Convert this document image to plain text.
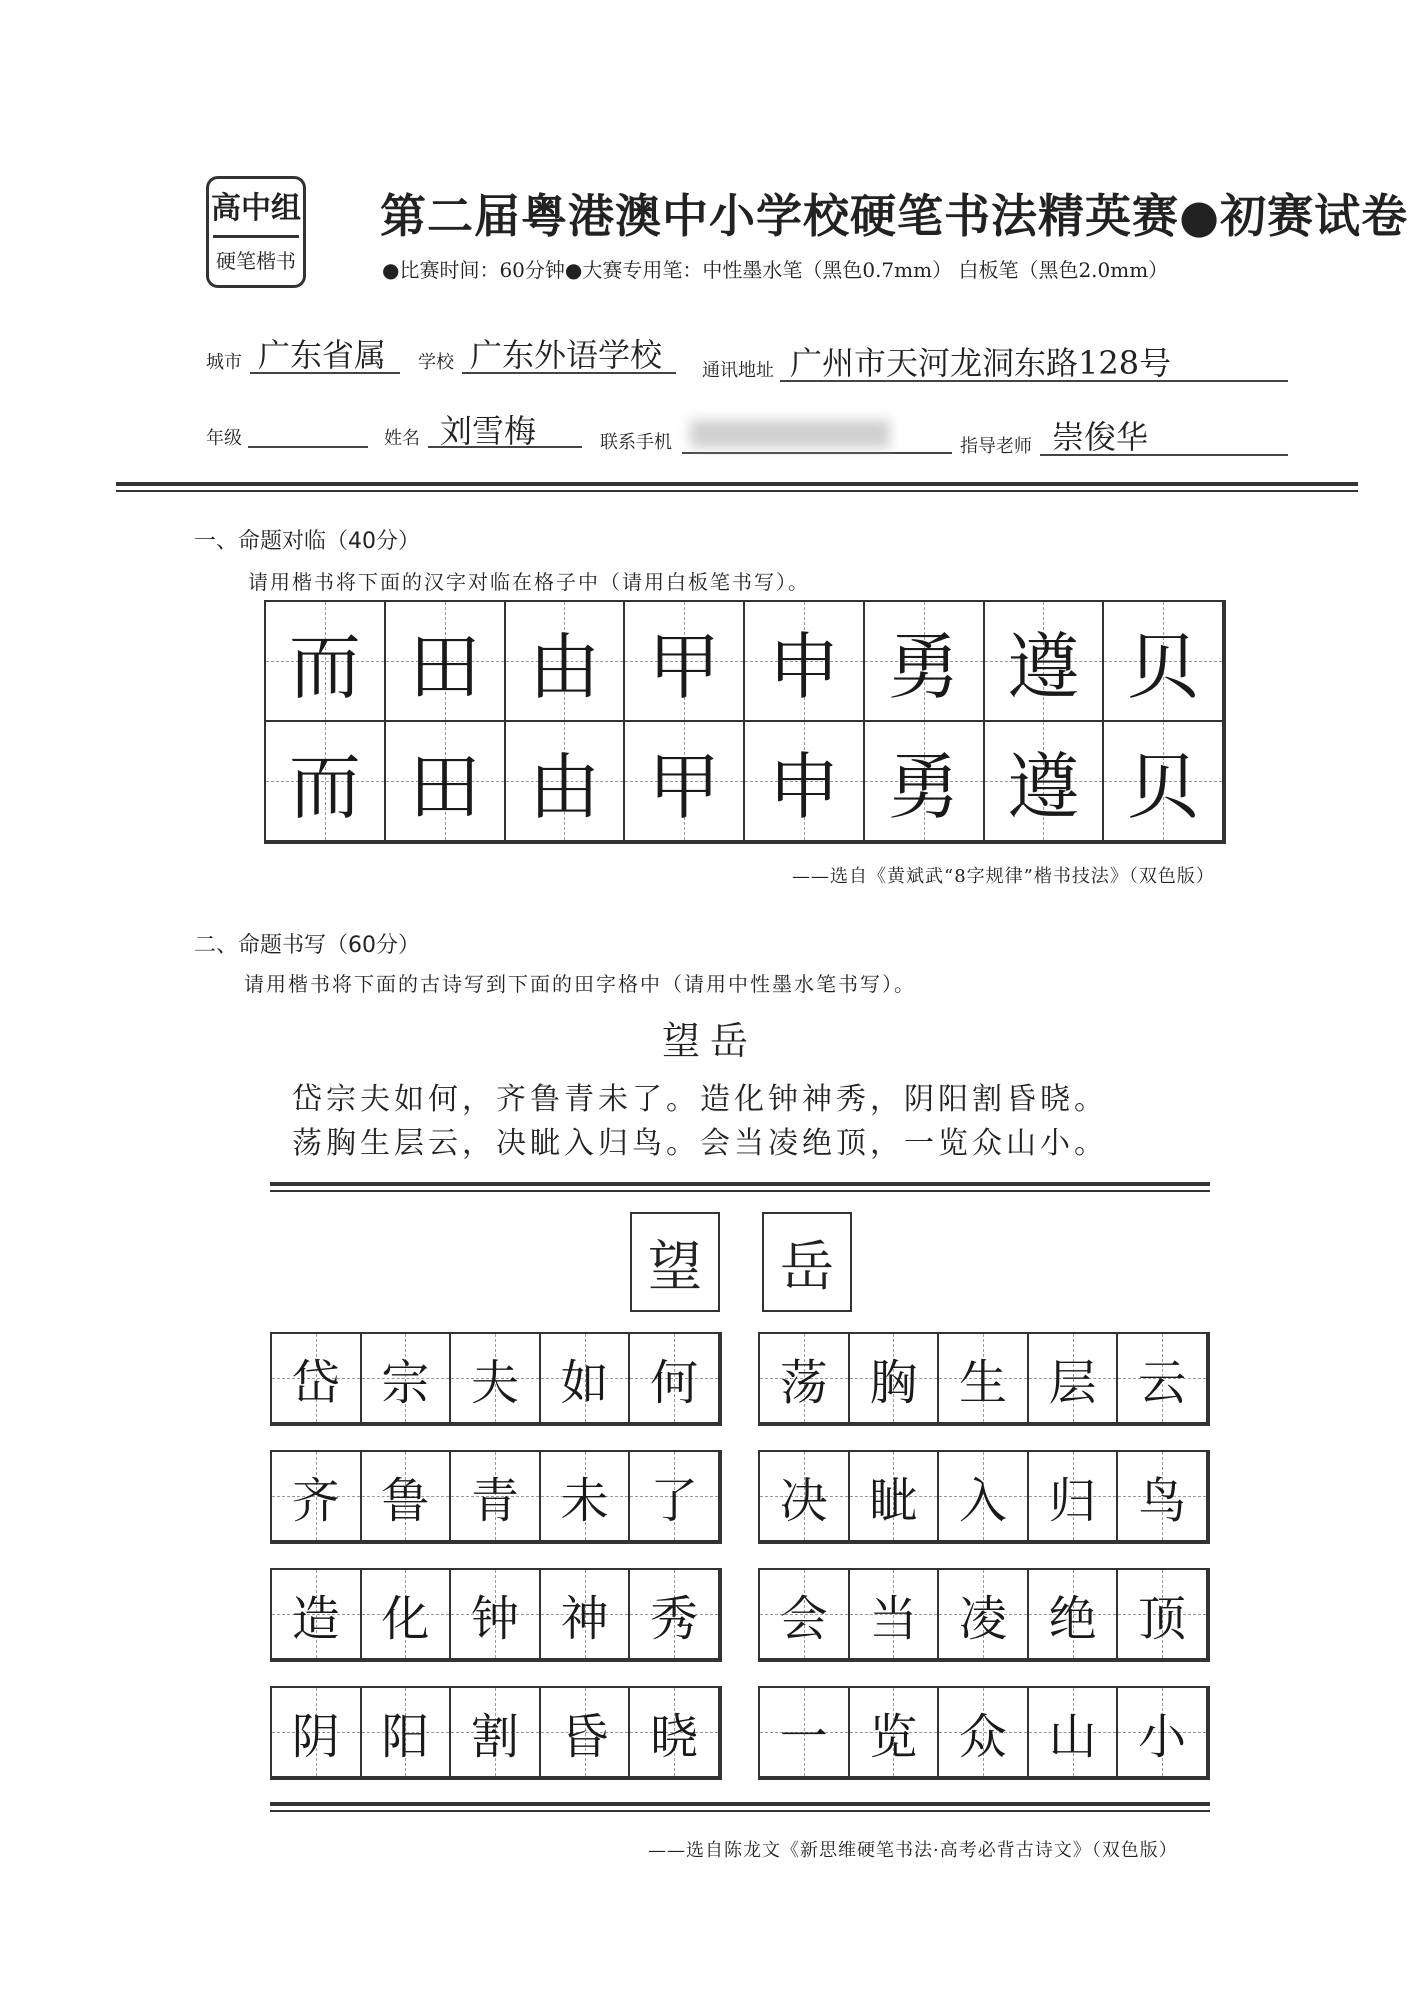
高中组
硬笔楷书
第二届粤港澳中小学校硬笔书法精英赛●初赛试卷
●比赛时间：60分钟●大赛专用笔：中性墨水笔（黑色0.7mm） 白板笔（黑色2.0mm）
城市 广东省属 学校 广东外语学校 通讯地址 广州市天河龙洞东路128号
年级	姓名 刘雪梅	联系手机	指导老师 崇俊华
一、命题对临（40分）
请用楷书将下面的汉字对临在格子中（请用白板笔书写）。
而 田 由 甲 申 勇 遵 贝
而 田 由 甲 申 勇 遵 贝
——选自《黄斌武“8字规律”楷书技法》（双色版）
二、命题书写（60分）
请用楷书将下面的古诗写到下面的田字格中（请用中性墨水笔书写）。
望岳
岱宗夫如何，齐鲁青未了。造化钟神秀，阴阳割昏晓。
荡胸生层云，决眦入归鸟。会当凌绝顶，一览众山小。
望 岳
岱 宗 夫 如 何
齐 鲁 青 未 了
造 化 钟 神 秀
阴 阳 割 昏 晓
荡 胸 生 层 云
决 眦 入 归 鸟
会 当 凌 绝 顶
一 览 众 山 小
——选自陈龙文《新思维硬笔书法·高考必背古诗文》（双色版）
